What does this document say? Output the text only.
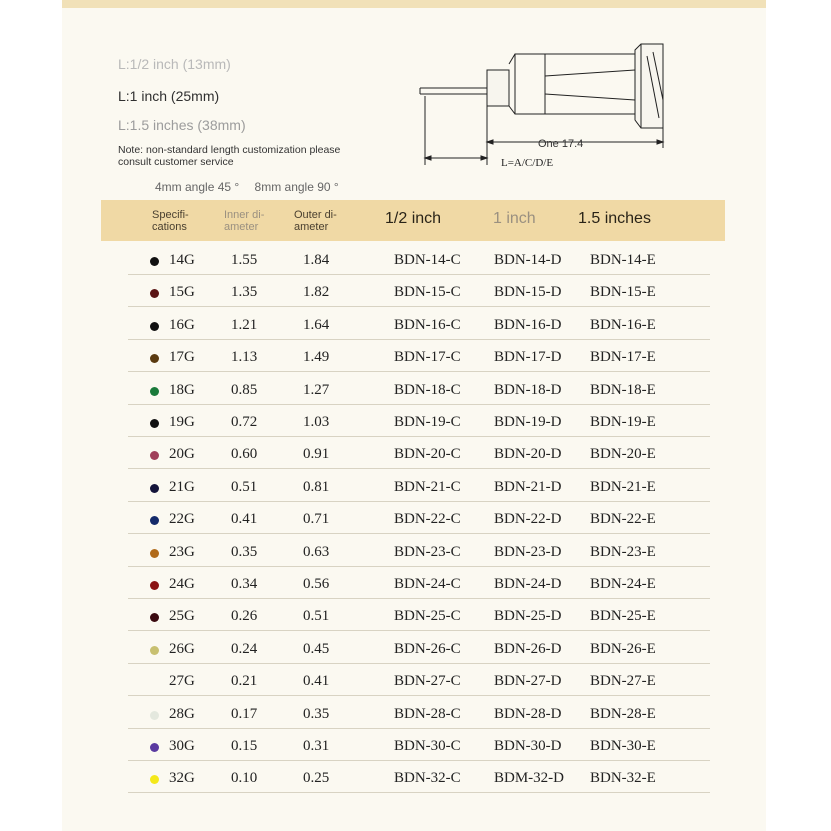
L:1/2 inch (13mm)
L:1 inch (25mm)
L:1.5 inches (38mm)
Note: non-standard length customization please consult customer service
4mm angle 45 ° 8mm angle 90 °
One 17.4
L=A/C/D/E
Specifi-
cations
Inner di-
ameter
Outer di-
ameter	1/2 inch	1 inch	1.5 inches
14G 1.55	1.84	BDN-14-C BDN-14-D BDN-14-E
15G 1.35	1.82	BDN-15-C BDN-15-D BDN-15-E
16G 1.21	1.64	BDN-16-C BDN-16-D BDN-16-E
17G 1.13	1.49	BDN-17-C BDN-17-D BDN-17-E
18G 0.85	1.27	BDN-18-C BDN-18-D BDN-18-E
19G 0.72	1.03	BDN-19-C BDN-19-D BDN-19-E
20G 0.60	0.91	BDN-20-C BDN-20-D BDN-20-E
21G 0.51	0.81	BDN-21-C BDN-21-D BDN-21-E
22G 0.41	0.71	BDN-22-C BDN-22-D BDN-22-E
23G 0.35	0.63	BDN-23-C BDN-23-D BDN-23-E
24G 0.34	0.56	BDN-24-C BDN-24-D BDN-24-E
25G 0.26	0.51	BDN-25-C BDN-25-D BDN-25-E
26G 0.24	0.45	BDN-26-C BDN-26-D BDN-26-E
27G 0.21	0.41	BDN-27-C BDN-27-D BDN-27-E
28G 0.17	0.35	BDN-28-C BDN-28-D BDN-28-E
30G 0.15	0.31	BDN-30-C BDN-30-D BDN-30-E
32G 0.10	0.25	BDN-32-C BDM-32-D BDN-32-E
